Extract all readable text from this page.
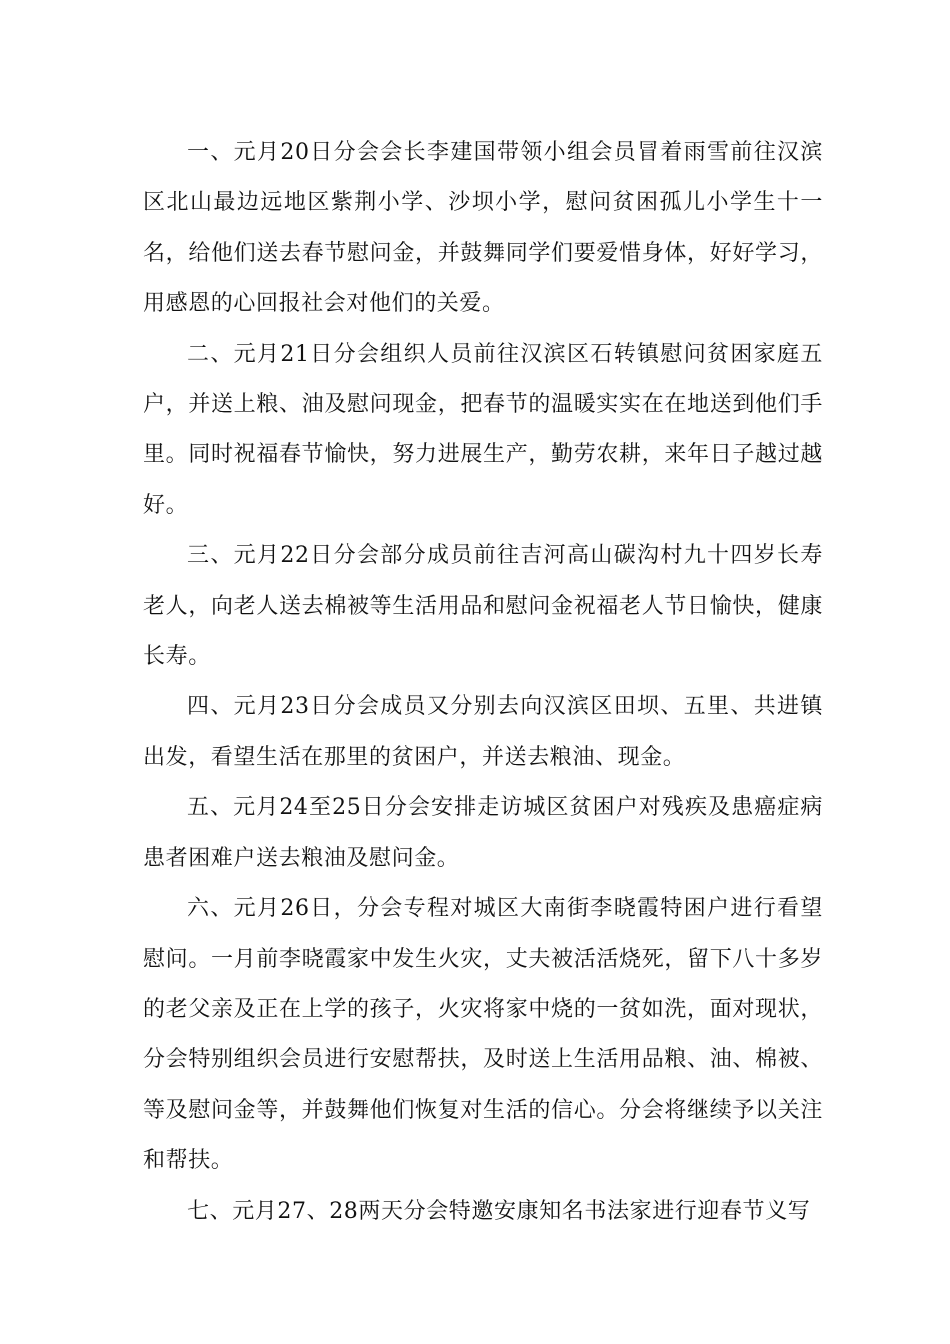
一、元月20日分会会长李建国带领小组会员冒着雨雪前往汉滨区北山最边远地区紫荆小学、沙坝小学，慰问贫困孤儿小学生十一名，给他们送去春节慰问金，并鼓舞同学们要爱惜身体，好好学习，用感恩的心回报社会对他们的关爱。

二、元月21日分会组织人员前往汉滨区石转镇慰问贫困家庭五户，并送上粮、油及慰问现金，把春节的温暖实实在在地送到他们手里。同时祝福春节愉快，努力进展生产，勤劳农耕，来年日子越过越好。

三、元月22日分会部分成员前往吉河高山碳沟村九十四岁长寿老人，向老人送去棉被等生活用品和慰问金祝福老人节日愉快，健康长寿。

四、元月23日分会成员又分别去向汉滨区田坝、五里、共进镇出发，看望生活在那里的贫困户，并送去粮油、现金。

五、元月24至25日分会安排走访城区贫困户对残疾及患癌症病患者困难户送去粮油及慰问金。

六、元月26日，分会专程对城区大南街李晓霞特困户进行看望慰问。一月前李晓霞家中发生火灾，丈夫被活活烧死，留下八十多岁的老父亲及正在上学的孩子，火灾将家中烧的一贫如洗，面对现状，分会特别组织会员进行安慰帮扶，及时送上生活用品粮、油、棉被、等及慰问金等，并鼓舞他们恢复对生活的信心。分会将继续予以关注和帮扶。

七、元月27、28两天分会特邀安康知名书法家进行迎春节义写
